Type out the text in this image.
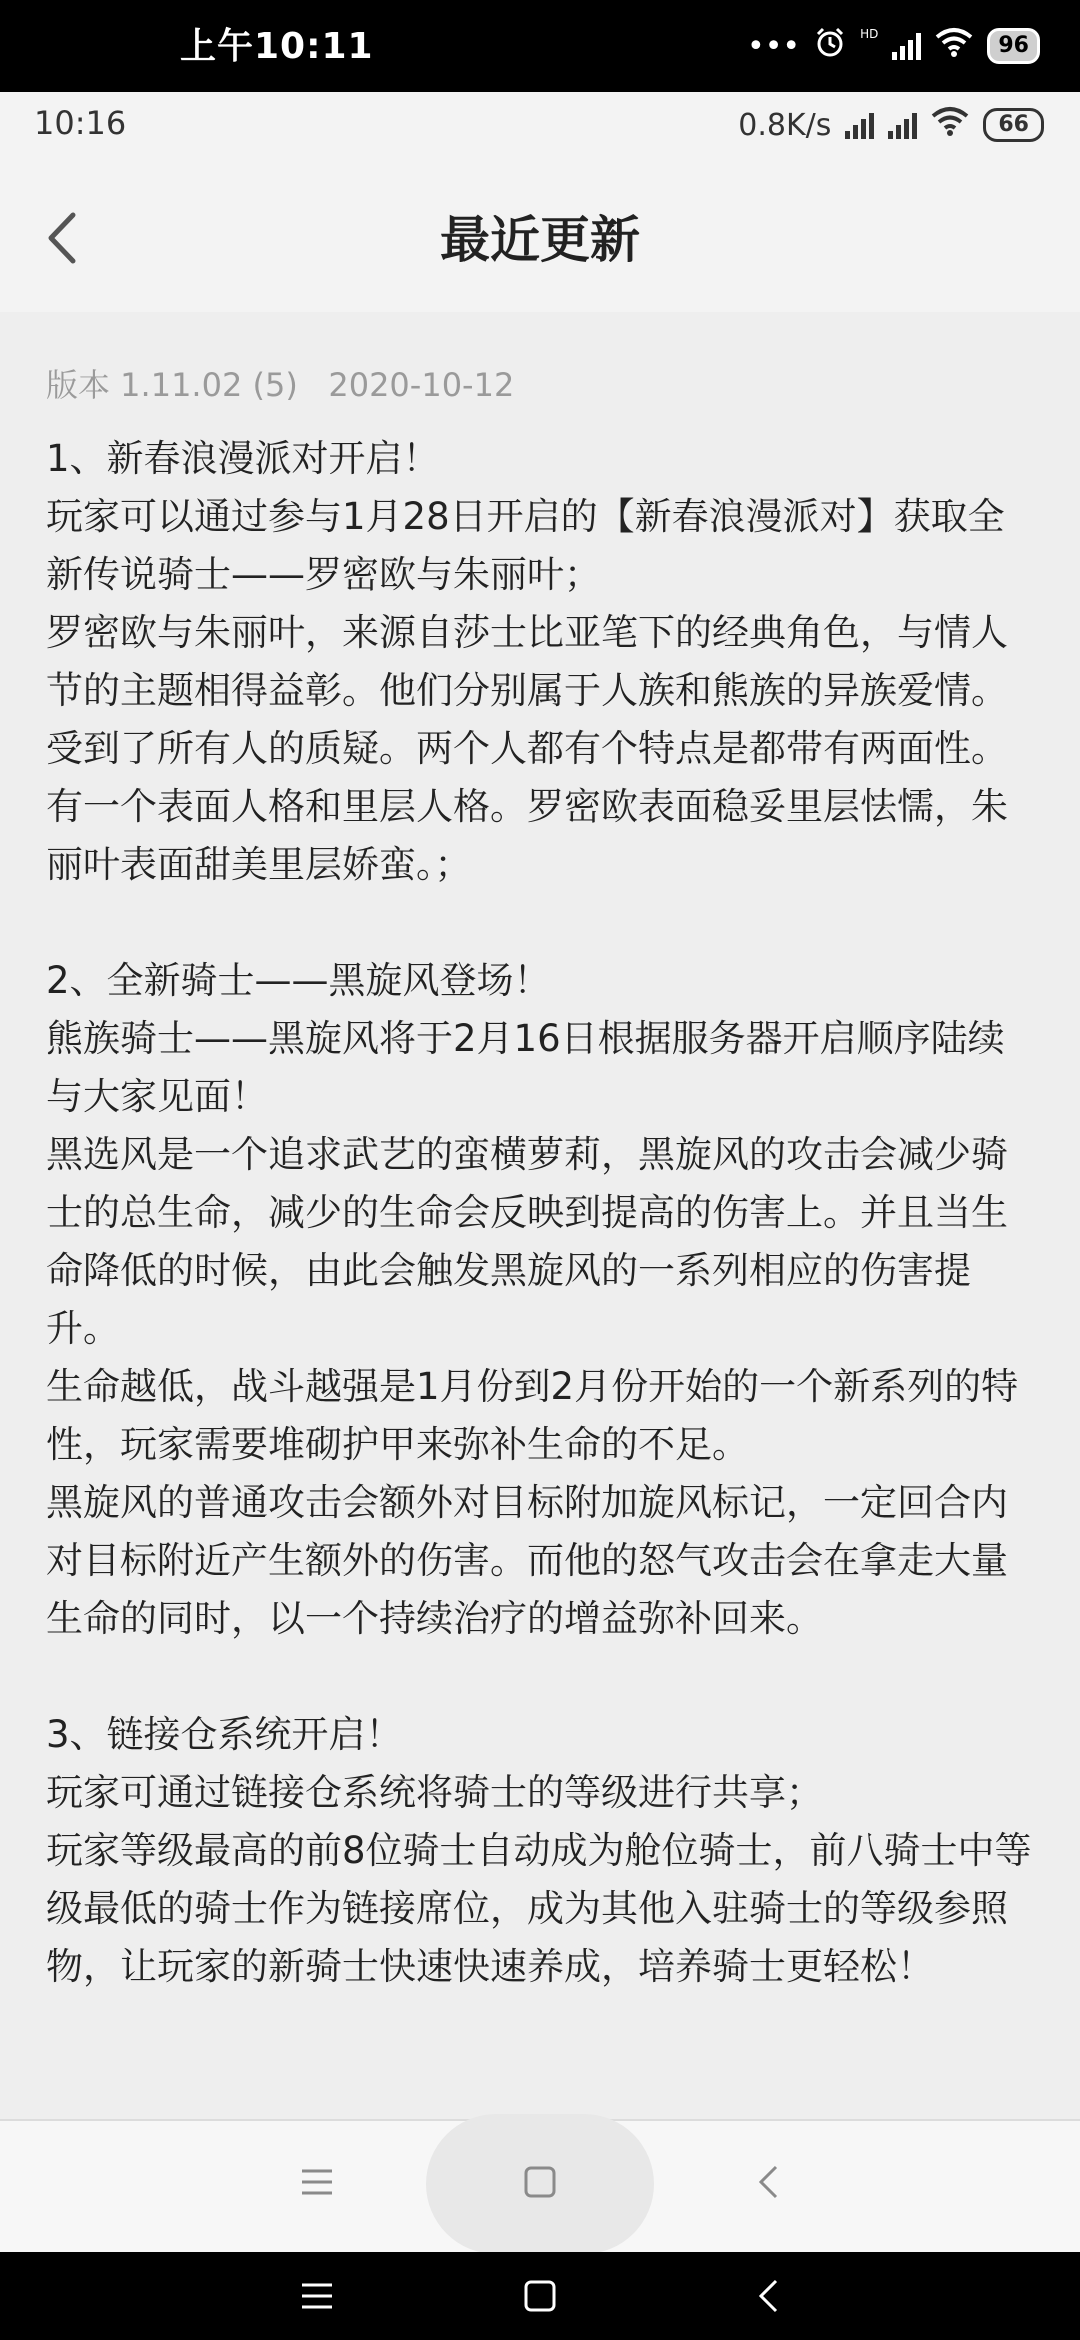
上午10:11	•••	HD	96
10:16	0.8K/s	66
最近更新
版本 1.11.02 (5) 2020-10-12

1、新春浪漫派对开启！

玩家可以通过参与1月28日开启的【新春浪漫派对】获取全新传说骑士——罗密欧与朱丽叶；

罗密欧与朱丽叶，来源自莎士比亚笔下的经典角色，与情人节的主题相得益彰。他们分别属于人族和熊族的异族爱情。受到了所有人的质疑。两个人都有个特点是都带有两面性。有一个表面人格和里层人格。罗密欧表面稳妥里层怯懦，朱丽叶表面甜美里层娇蛮。；

2、全新骑士——黑旋风登场！

熊族骑士——黑旋风将于2月16日根据服务器开启顺序陆续与大家见面！

黑选风是一个追求武艺的蛮横萝莉，黑旋风的攻击会减少骑士的总生命，减少的生命会反映到提高的伤害上。并且当生命降低的时候，由此会触发黑旋风的一系列相应的伤害提升。

生命越低，战斗越强是1月份到2月份开始的一个新系列的特性，玩家需要堆砌护甲来弥补生命的不足。

黑旋风的普通攻击会额外对目标附加旋风标记，一定回合内对目标附近产生额外的伤害。而他的怒气攻击会在拿走大量生命的同时，以一个持续治疗的增益弥补回来。

3、链接仓系统开启！

玩家可通过链接仓系统将骑士的等级进行共享；

玩家等级最高的前8位骑士自动成为舱位骑士，前八骑士中等级最低的骑士作为链接席位，成为其他入驻骑士的等级参照物，让玩家的新骑士快速快速养成，培养骑士更轻松！
